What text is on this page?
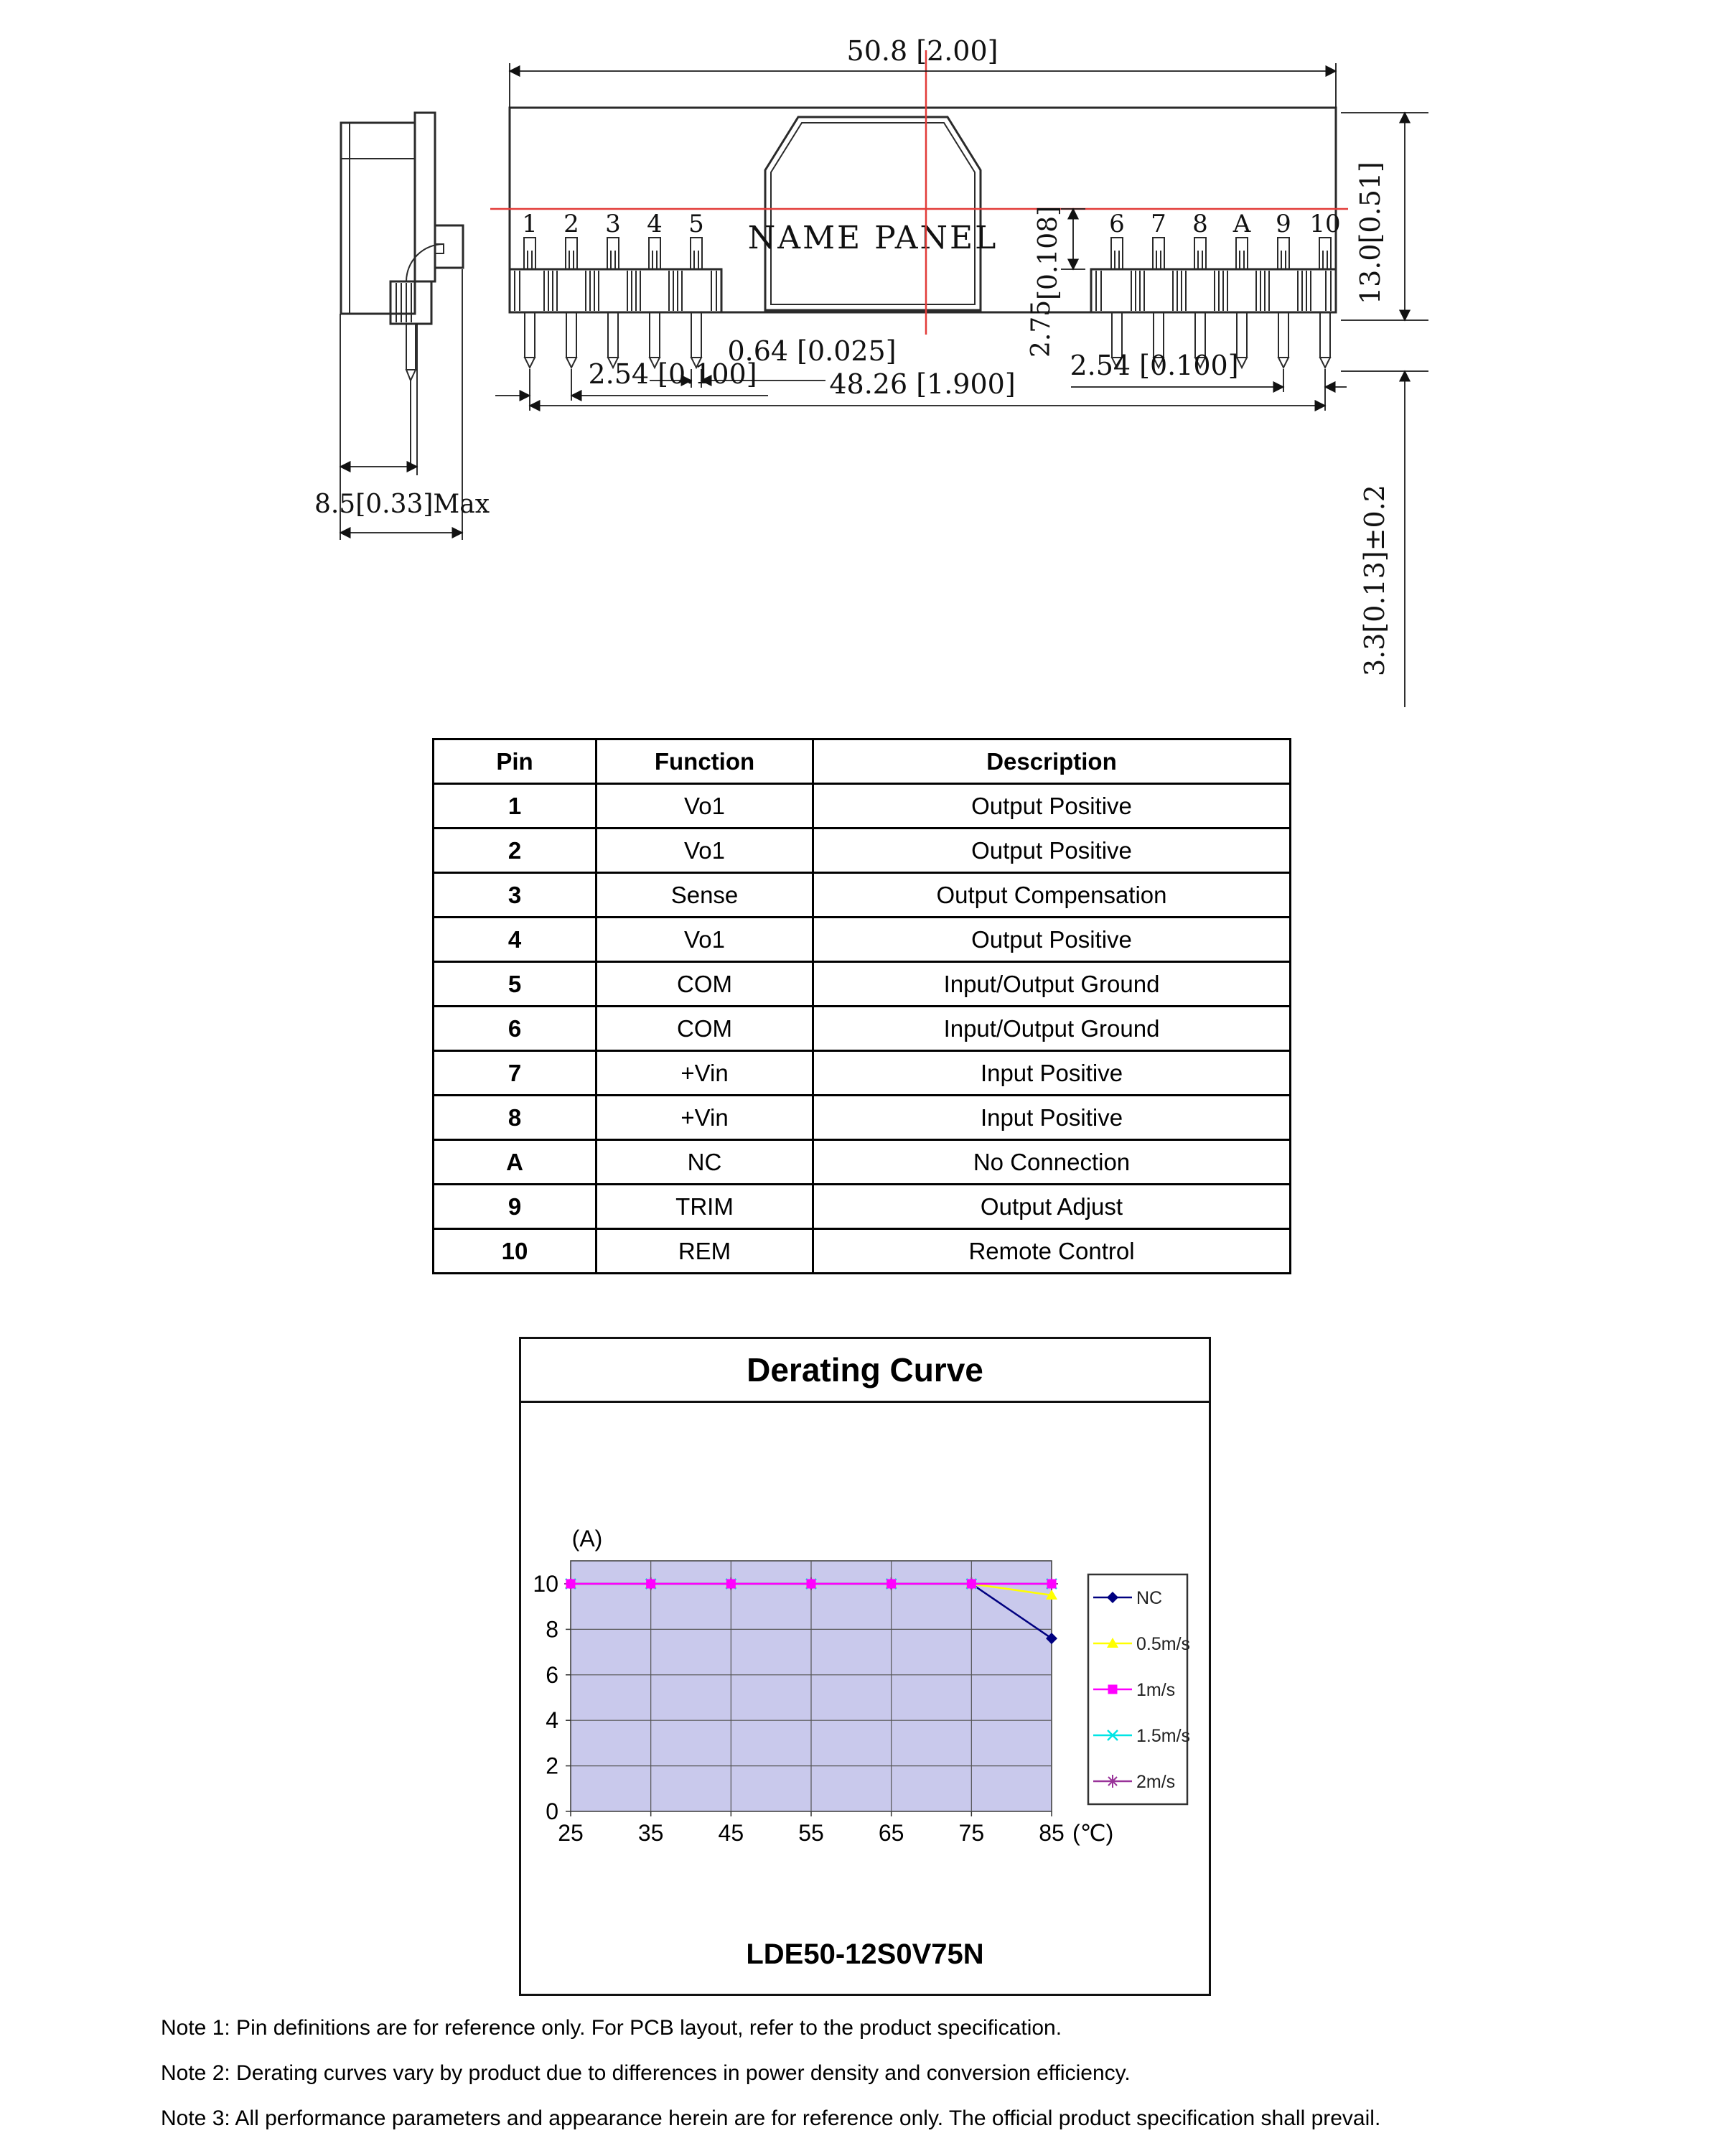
8.5[0.33]Max
NAME PANEL
1 2 3 4 5	6 7 8 A 9 10
50.8 [2.00]
0.64 [0.025]
2.54 [0.100]	48.26 [1.900]
2.54 [0.100]
2.75
[0.108]	13.0[0.51]
3.3[0.13]±0.2
Pin	Function	Description
1	Vo1	Output Positive
2	Vo1	Output Positive
3	Sense	Output Compensation
4	Vo1	Output Positive
5	COM	Input/Output Ground
6	COM	Input/Output Ground
7	+Vin	Input Positive
8	+Vin	Input Positive
A	NC	No Connection
9	TRIM	Output Adjust
10	REM	Remote Control
Derating Curve
0
2
4
6
8
10
25 35 45 55 65 75 85
(A)
(℃)
NC
0.5m/s
1m/s
1.5m/s
2m/s
LDE50-12S0V75N

Note 1: Pin definitions are for reference only. For PCB layout, refer to the product specification.

Note 2: Derating curves vary by product due to differences in power density and conversion efficiency.

Note 3: All performance parameters and appearance herein are for reference only. The official product specification shall prevail.
